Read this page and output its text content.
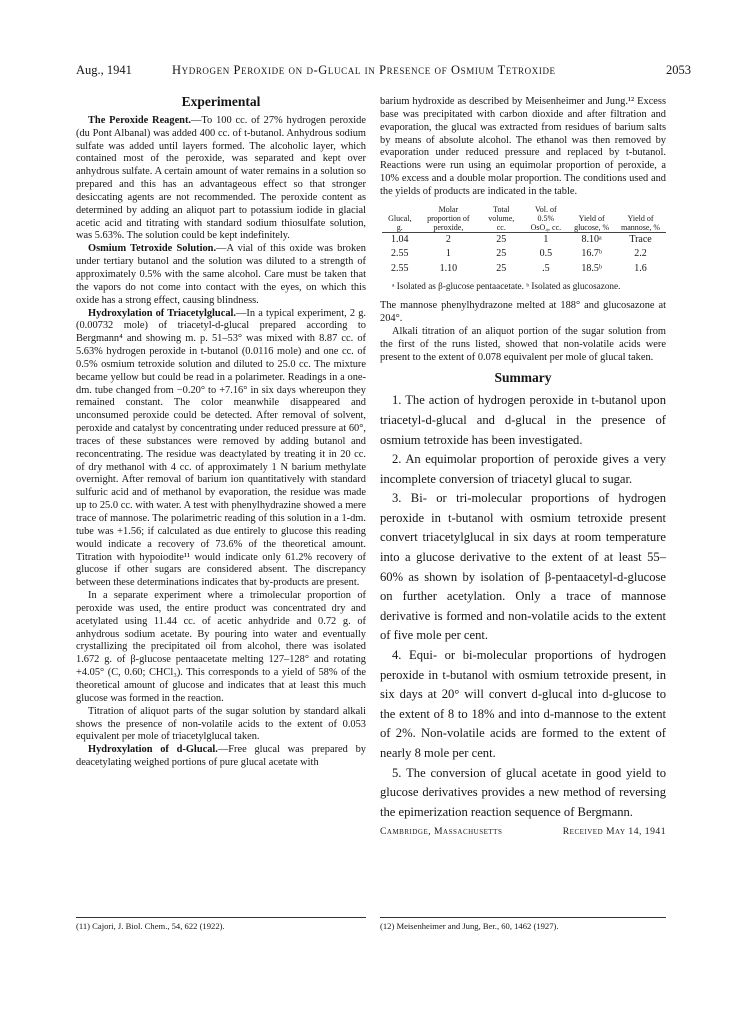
Aug., 1941	Hydrogen Peroxide on d-Glucal in Presence of Osmium Tetroxide	2053
Experimental

The Peroxide Reagent.—To 100 cc. of 27% hydrogen peroxide (du Pont Albanal) was added 400 cc. of t-butanol. Anhydrous sodium sulfate was added until layers formed. The alcoholic layer, which contained most of the peroxide, was separated and kept over anhydrous sulfate. A certain amount of water remains in a solution so prepared and this has an advantageous effect so that stronger desiccating agents are not recommended. The peroxide content as determined by adding an aliquot part to potassium iodide in glacial acetic acid and titrating with standard sodium thiosulfate solution, was 5.63%. The solution could be kept indefinitely.

Osmium Tetroxide Solution.—A vial of this oxide was broken under tertiary butanol and the solution was diluted to a strength of approximately 0.5% with the same alcohol. Care must be taken that the vapors do not come into contact with the eyes, on which this oxide has a strong effect, causing blindness.

Hydroxylation of Triacetylglucal.—In a typical experiment, 2 g. (0.00732 mole) of triacetyl-d-glucal prepared according to Bergmann⁴ and showing m. p. 51–53° was mixed with 8.87 cc. of 5.63% hydrogen peroxide in t-butanol (0.0116 mole) and one cc. of 0.5% osmium tetroxide solution and diluted to 25.0 cc. The mixture became yellow but could be read in a polarimeter. Readings in a one-dm. tube changed from −0.20° to +7.16° in six days whereupon they remained constant. The color meanwhile disappeared and unconsumed peroxide could be detected. After removal of solvent, peroxide and catalyst by concentrating under reduced pressure at 60°, traces of these substances were removed by adding butanol and reconcentrating. The residue was deactylated by treating it in 20 cc. of dry methanol with 4 cc. of approximately 1 N barium methylate overnight. After removal of barium ion quantitatively with standard sulfuric acid and of methanol by evaporation, the residue was made up to 25.0 cc. with water. A test with phenylhydrazine showed a mere trace of mannose. The polarimetric reading of this solution in a 1-dm. tube was +1.56; if calculated as due entirely to glucose this reading would indicate a recovery of 73.6% of the theoretical amount. Titration with hypoiodite¹¹ would indicate only 61.2% recovery of glucose if other sugars are considered absent. The discrepancy between these determinations indicates that by-products are present.

In a separate experiment where a trimolecular proportion of peroxide was used, the entire product was concentrated dry and acetylated using 11.44 cc. of acetic anhydride and 0.72 g. of anhydrous sodium acetate. By pouring into water and eventually crystallizing the precipitated oil from alcohol, there was isolated 1.672 g. of β-glucose pentaacetate melting 127–128° and rotating +4.05° (C, 0.60; CHCl₃). This corresponds to a yield of 58% of the theoretical amount of glucose and indicates that at least this much glucose was formed in the reaction.

Titration of aliquot parts of the sugar solution by standard alkali shows the presence of non-volatile acids to the extent of 0.053 equivalent per mole of triacetylglucal taken.

Hydroxylation of d-Glucal.—Free glucal was prepared by deacetylating weighed portions of pure glucal acetate with

barium hydroxide as described by Meisenheimer and Jung.¹² Excess base was precipitated with carbon dioxide and after filtration and evaporation, the glucal was extracted from residues of barium salts by means of absolute alcohol. The ethanol was then removed by evaporation under reduced pressure and replaced by t-butanol. Reactions were run using an equimolar proportion of peroxide, a 10% excess and a double molar proportion. The conditions used and the yields of products are indicated in the table.

Glucal, g.	Molar proportion of peroxide,	Total volume, cc.	Vol. of 0.5% OsO₄, cc.	Yield of glucose, %	Yield of mannose, %
1.04	2	25	1	8.10ᵃ	Trace
2.55	1	25	0.5	16.7ᵇ	2.2
2.55	1.10	25	.5	18.5ᵇ	1.6
ᵃ Isolated as β-glucose pentaacetate. ᵇ Isolated as glucosazone.

The mannose phenylhydrazone melted at 188° and glucosazone at 204°.

Alkali titration of an aliquot portion of the sugar solution from the first of the runs listed, showed that non-volatile acids were present to the extent of 0.078 equivalent per mole of glucal taken.

Summary

1. The action of hydrogen peroxide in t-butanol upon triacetyl-d-glucal and d-glucal in the presence of osmium tetroxide has been investigated.

2. An equimolar proportion of peroxide gives a very incomplete conversion of triacetyl glucal to sugar.

3. Bi- or tri-molecular proportions of hydrogen peroxide in t-butanol with osmium tetroxide present convert triacetylglucal in six days at room temperature into a glucose derivative to the extent of at least 55–60% as shown by isolation of β-pentaacetyl-d-glucose on further acetylation. Only a trace of mannose derivative is formed and non-volatile acids to the extent of five mole per cent.

4. Equi- or bi-molecular proportions of hydrogen peroxide in t-butanol with osmium tetroxide present, in six days at 20° will convert d-glucal into d-glucose to the extent of 8 to 18% and into d-mannose to the extent of 2%. Non-volatile acids are formed to the extent of nearly 8 mole per cent.

5. The conversion of glucal acetate in good yield to glucose derivatives provides a new method of reversing the epimerization reaction sequence of Bergmann.

Cambridge, Massachusetts	Received May 14, 1941
(11) Cajori, J. Biol. Chem., 54, 622 (1922).	(12) Meisenheimer and Jung, Ber., 60, 1462 (1927).
